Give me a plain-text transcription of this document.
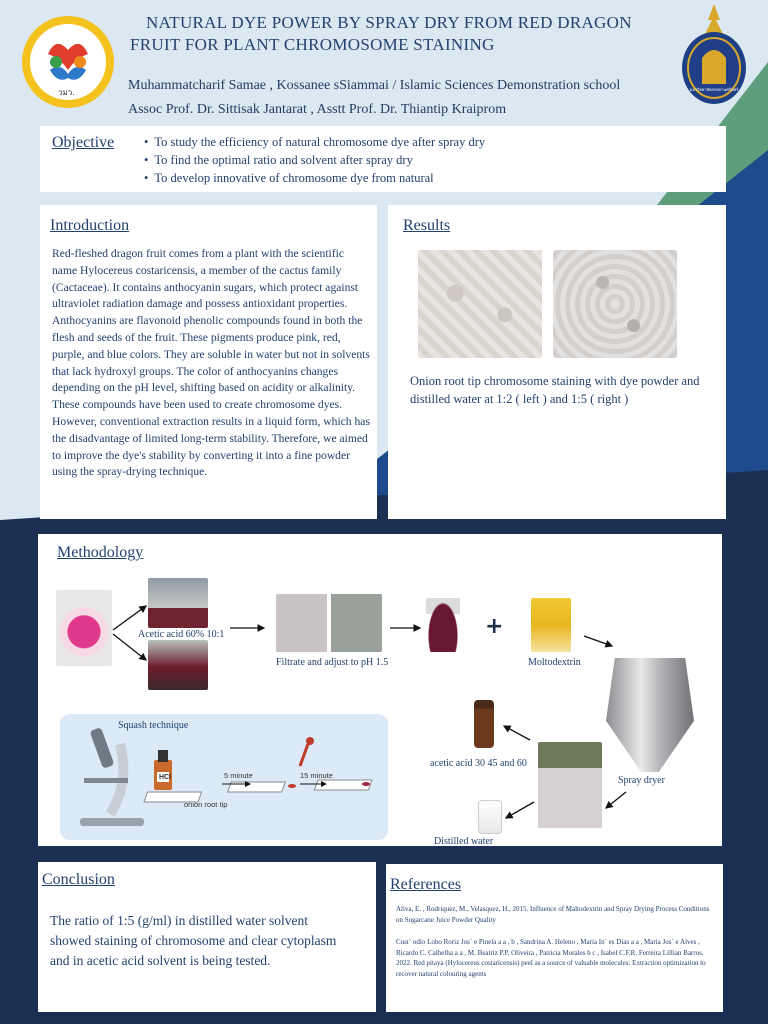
วมว.	มหาวิทยาลัยสงขลานครินทร์
NATURAL DYE POWER BY SPRAY DRY FROM RED DRAGON
FRUIT FOR PLANT CHROMOSOME STAINING
Muhammatcharif Samae , Kossanee sSiammai / Islamic Sciences Demonstration school
Assoc Prof. Dr. Sittisak Jantarat , Asstt Prof. Dr. Thiantip Kraiprom
Objective
•	To study the efficiency of natural chromosome dye after spray dry
• To find the optimal ratio and solvent after spray dry
• To develop innovative of chromosome dye from natural
Introduction
Red-fleshed dragon fruit comes from a plant with the scientific name Hylocereus costaricensis, a member of the cactus family (Cactaceae). It contains anthocyanin sugars, which protect against ultraviolet radiation damage and possess antioxidant properties. Anthocyanins are flavonoid phenolic compounds found in both the flesh and seeds of the fruit. These pigments produce pink, red, purple, and blue colors. They are soluble in water but not in solvents that lack hydroxyl groups. The color of anthocyanins changes depending on the pH level, shifting based on acidity or alkalinity. These compounds have been used to create chromosome dyes. However, conventional extraction results in a liquid form, which has the disadvantage of limited long-term stability. Therefore, we aimed to improve the dye's stability by converting it into a fine powder using the spray-drying technique.
Results
Onion root tip chromosome staining with dye powder and distilled water at 1:2 ( left ) and 1:5 ( right )
Methodology
Acetic acid 60% 10:1
Filtrate and adjust to pH 1.5
+
Moltodextrin
Spray dryer
acetic acid 30 45 and 60
Distilled water
Squash technique
HCl
onion root tip
5 minute	15 minute
Conclusion
The ratio of 1:5 (g/ml) in distilled water solvent showed staining of chromosome and clear cytoplasm and in acetic acid solvent is being tested.
References
Aliva, E. , Rodriquez, M., Velasquez, H., 2015. Influence of Maltodextrin and Spray Drying Process Conditions on Sugarcane Juice Powder Quality
Cust´ odio Lobo Roriz Jos´ e Pinela a a , b , Sandrina A. Heleno , Maria In´ es Dias a a , Maria Jos´ e Alves , Ricardo C. Calhelha a a , M. Beatriz P.P. Oliveira , Patricia Morales b c , Isabel C.F.R. Ferreira Lillian Barros. 2022. Red pitaya (Hylocereus costaricensis) peel as a source of valuable molecules: Extraction optimization to recover natural colouring agents
